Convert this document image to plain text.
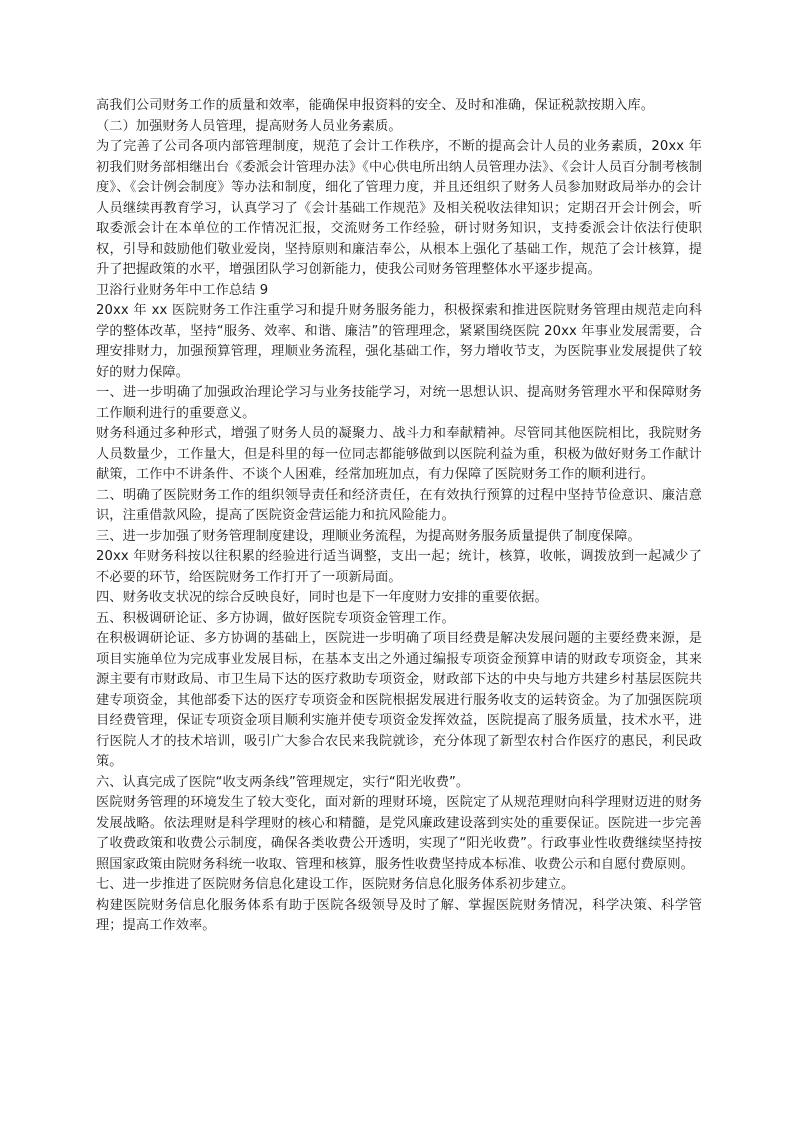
高我们公司财务工作的质量和效率，能确保申报资料的安全、及时和准确，保证税款按期入库。

（二）加强财务人员管理，提高财务人员业务素质。

为了完善了公司各项内部管理制度，规范了会计工作秩序，不断的提高会计人员的业务素质，20xx 年初我们财务部相继出台《委派会计管理办法》《中心供电所出纳人员管理办法》、《会计人员百分制考核制度》、《会计例会制度》等办法和制度，细化了管理力度，并且还组织了财务人员参加财政局举办的会计人员继续再教育学习，认真学习了《会计基础工作规范》及相关税收法律知识；定期召开会计例会，听取委派会计在本单位的工作情况汇报，交流财务工作经验，研讨财务知识，支持委派会计依法行使职权，引导和鼓励他们敬业爱岗，坚持原则和廉洁奉公，从根本上强化了基础工作，规范了会计核算，提升了把握政策的水平，增强团队学习创新能力，使我公司财务管理整体水平逐步提高。

卫浴行业财务年中工作总结 9

20xx 年 xx 医院财务工作注重学习和提升财务服务能力，积极探索和推进医院财务管理由规范走向科学的整体改革，坚持“服务、效率、和谐、廉洁”的管理理念，紧紧围绕医院 20xx 年事业发展需要，合理安排财力，加强预算管理，理顺业务流程，强化基础工作，努力增收节支，为医院事业发展提供了较好的财力保障。

一、进一步明确了加强政治理论学习与业务技能学习，对统一思想认识、提高财务管理水平和保障财务工作顺利进行的重要意义。

财务科通过多种形式，增强了财务人员的凝聚力、战斗力和奉献精神。尽管同其他医院相比，我院财务人员数量少，工作量大，但是科里的每一位同志都能够做到以医院利益为重，积极为做好财务工作献计献策，工作中不讲条件、不谈个人困难，经常加班加点，有力保障了医院财务工作的顺利进行。

二、明确了医院财务工作的组织领导责任和经济责任，在有效执行预算的过程中坚持节俭意识、廉洁意识，注重借款风险，提高了医院资金营运能力和抗风险能力。

三、进一步加强了财务管理制度建设，理顺业务流程，为提高财务服务质量提供了制度保障。

20xx 年财务科按以往积累的经验进行适当调整，支出一起；统计，核算，收帐，调拨放到一起减少了不必要的环节，给医院财务工作打开了一项新局面。

四、财务收支状况的综合反映良好，同时也是下一年度财力安排的重要依据。

五、积极调研论证、多方协调，做好医院专项资金管理工作。

在积极调研论证、多方协调的基础上，医院进一步明确了项目经费是解决发展问题的主要经费来源，是项目实施单位为完成事业发展目标，在基本支出之外通过编报专项资金预算申请的财政专项资金，其来源主要有市财政局、市卫生局下达的医疗救助专项资金，财政部下达的中央与地方共建乡村基层医院共建专项资金，其他部委下达的医疗专项资金和医院根据发展进行服务收支的运转资金。为了加强医院项目经费管理，保证专项资金项目顺利实施并使专项资金发挥效益，医院提高了服务质量，技术水平，进行医院人才的技术培训，吸引广大参合农民来我院就诊，充分体现了新型农村合作医疗的惠民，利民政策。

六、认真完成了医院“收支两条线”管理规定，实行“阳光收费”。

医院财务管理的环境发生了较大变化，面对新的理财环境，医院定了从规范理财向科学理财迈进的财务发展战略。依法理财是科学理财的核心和精髓，是党风廉政建设落到实处的重要保证。医院进一步完善了收费政策和收费公示制度，确保各类收费公开透明，实现了“阳光收费”。行政事业性收费继续坚持按照国家政策由院财务科统一收取、管理和核算，服务性收费坚持成本标准、收费公示和自愿付费原则。

七、进一步推进了医院财务信息化建设工作，医院财务信息化服务体系初步建立。

构建医院财务信息化服务体系有助于医院各级领导及时了解、掌握医院财务情况，科学决策、科学管理；提高工作效率。
